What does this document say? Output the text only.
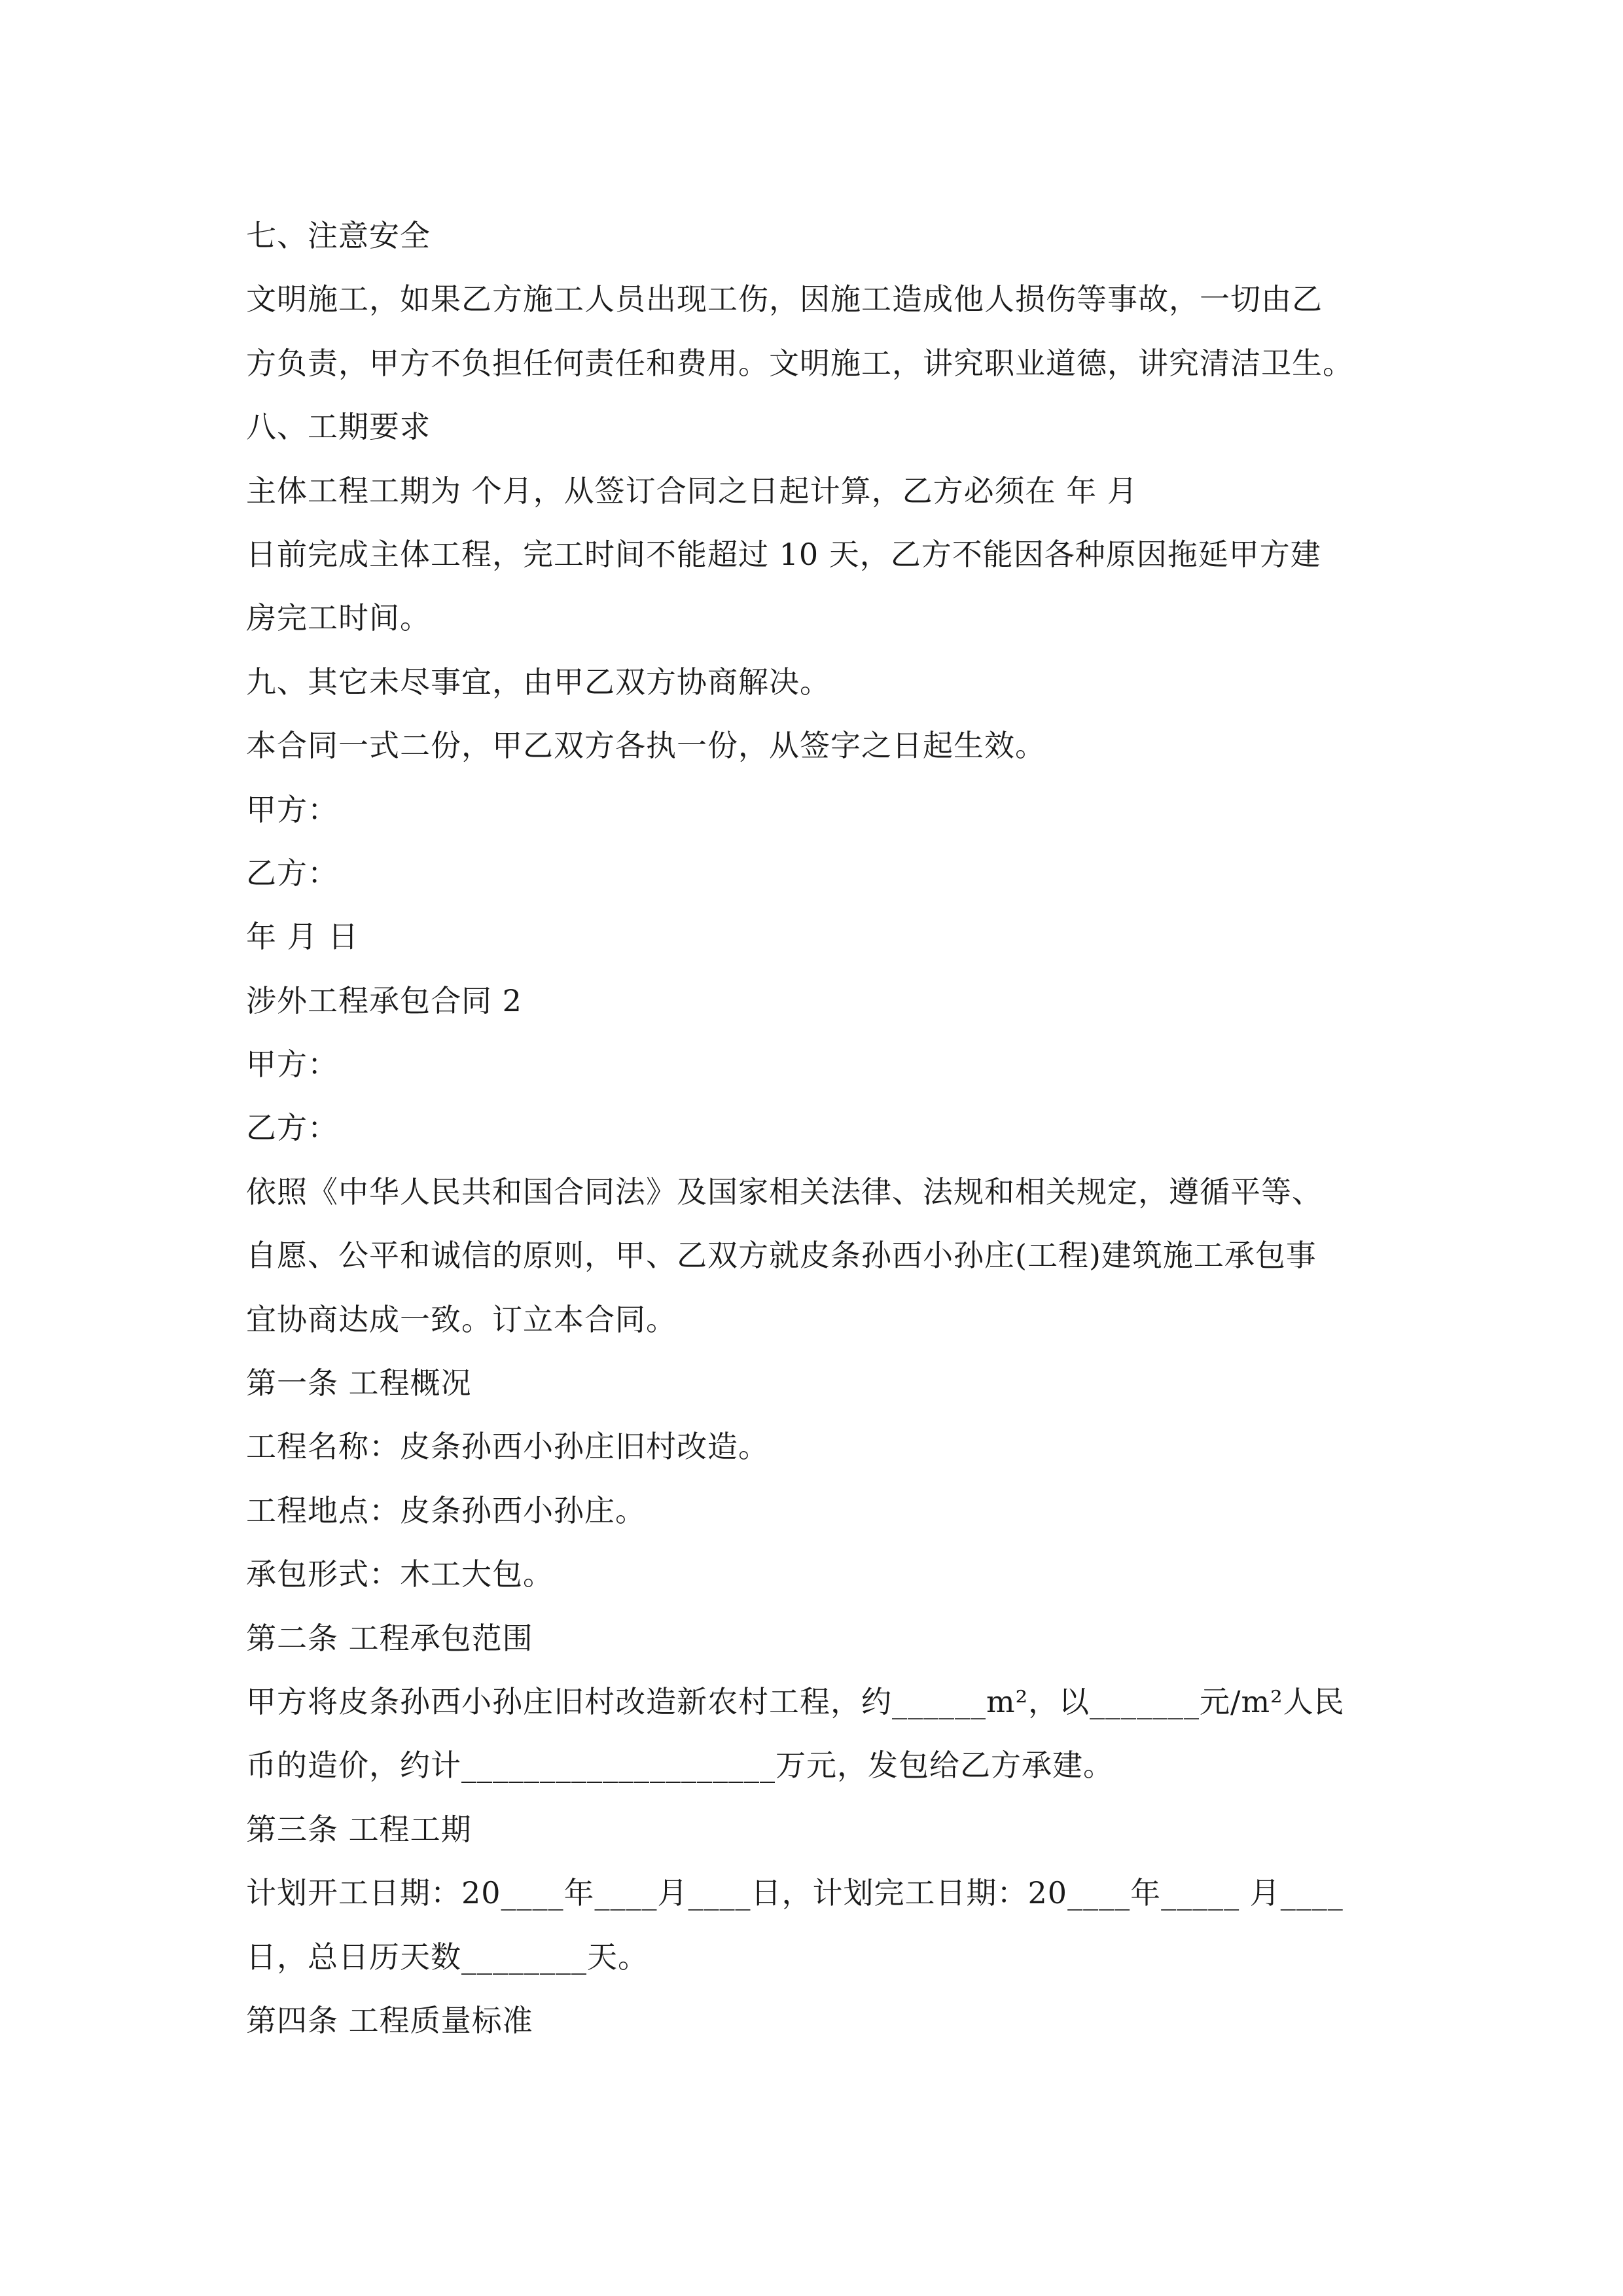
七、注意安全
文明施工，如果乙方施工人员出现工伤，因施工造成他人损伤等事故，一切由乙
方负责，甲方不负担任何责任和费用。文明施工，讲究职业道德，讲究清洁卫生。
八、工期要求
主体工程工期为 个月，从签订合同之日起计算，乙方必须在 年 月
日前完成主体工程，完工时间不能超过 10 天，乙方不能因各种原因拖延甲方建
房完工时间。
九、其它未尽事宜，由甲乙双方协商解决。
本合同一式二份，甲乙双方各执一份，从签字之日起生效。
甲方：
乙方：
年 月 日
涉外工程承包合同 2
甲方：
乙方：
依照《中华人民共和国合同法》及国家相关法律、法规和相关规定，遵循平等、
自愿、公平和诚信的原则，甲、乙双方就皮条孙西小孙庄(工程)建筑施工承包事
宜协商达成一致。订立本合同。
第一条 工程概况
工程名称：皮条孙西小孙庄旧村改造。
工程地点：皮条孙西小孙庄。
承包形式：木工大包。
第二条 工程承包范围
甲方将皮条孙西小孙庄旧村改造新农村工程，约______m²，以_______元/m²人民
币的造价，约计____________________万元，发包给乙方承建。
第三条 工程工期
计划开工日期：20____年____月____日，计划完工日期：20____年_____ 月____
日，总日历天数________天。
第四条 工程质量标准
